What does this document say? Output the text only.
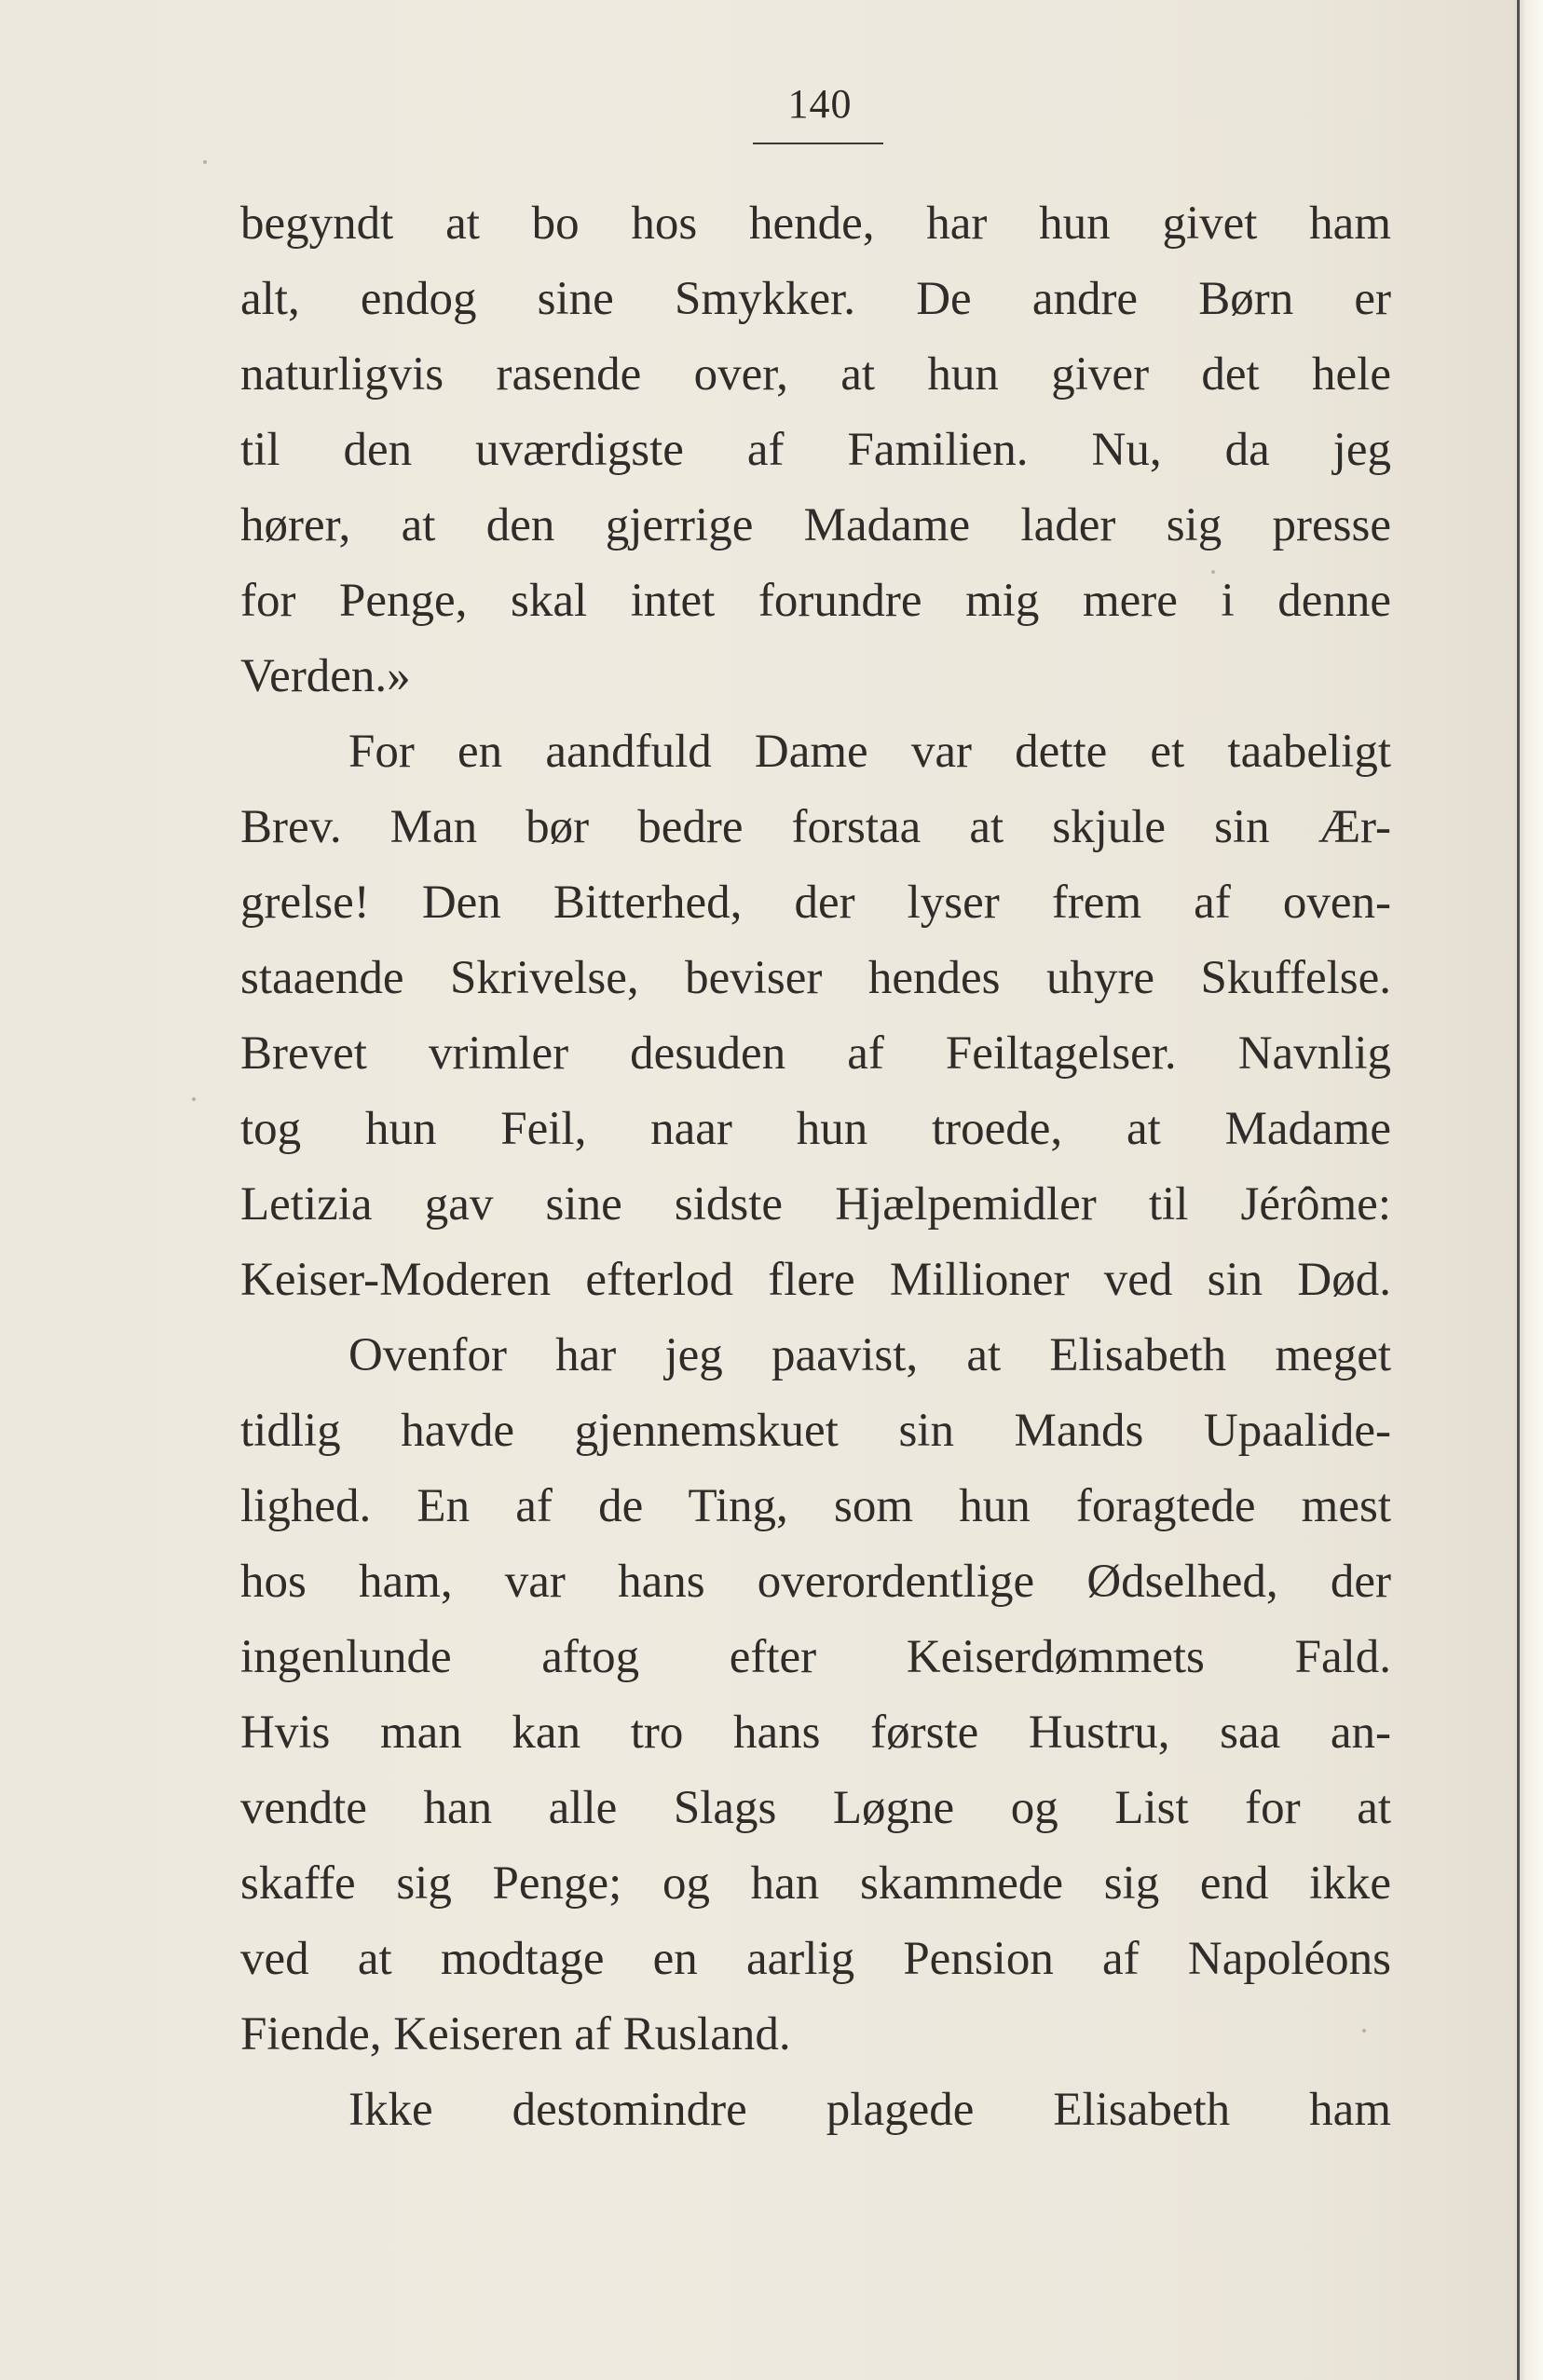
140
begyndt at bo hos hende, har hun givet ham
alt, endog sine Smykker. De andre Børn er
naturligvis rasende over, at hun giver det hele
til den uværdigste af Familien. Nu, da jeg
hører, at den gjerrige Madame lader sig presse
for Penge, skal intet forundre mig mere i denne
Verden.»
For en aandfuld Dame var dette et taabeligt
Brev. Man bør bedre forstaa at skjule sin Ær-
grelse! Den Bitterhed, der lyser frem af oven-
staaende Skrivelse, beviser hendes uhyre Skuffelse.
Brevet vrimler desuden af Feiltagelser. Navnlig
tog hun Feil, naar hun troede, at Madame
Letizia gav sine sidste Hjælpemidler til Jérôme:
Keiser-Moderen efterlod flere Millioner ved sin Død.
Ovenfor har jeg paavist, at Elisabeth meget
tidlig havde gjennemskuet sin Mands Upaalide-
lighed. En af de Ting, som hun foragtede mest
hos ham, var hans overordentlige Ødselhed, der
ingenlunde aftog efter Keiserdømmets Fald.
Hvis man kan tro hans første Hustru, saa an-
vendte han alle Slags Løgne og List for at
skaffe sig Penge; og han skammede sig end ikke
ved at modtage en aarlig Pension af Napoléons
Fiende, Keiseren af Rusland.
Ikke destomindre plagede Elisabeth ham
